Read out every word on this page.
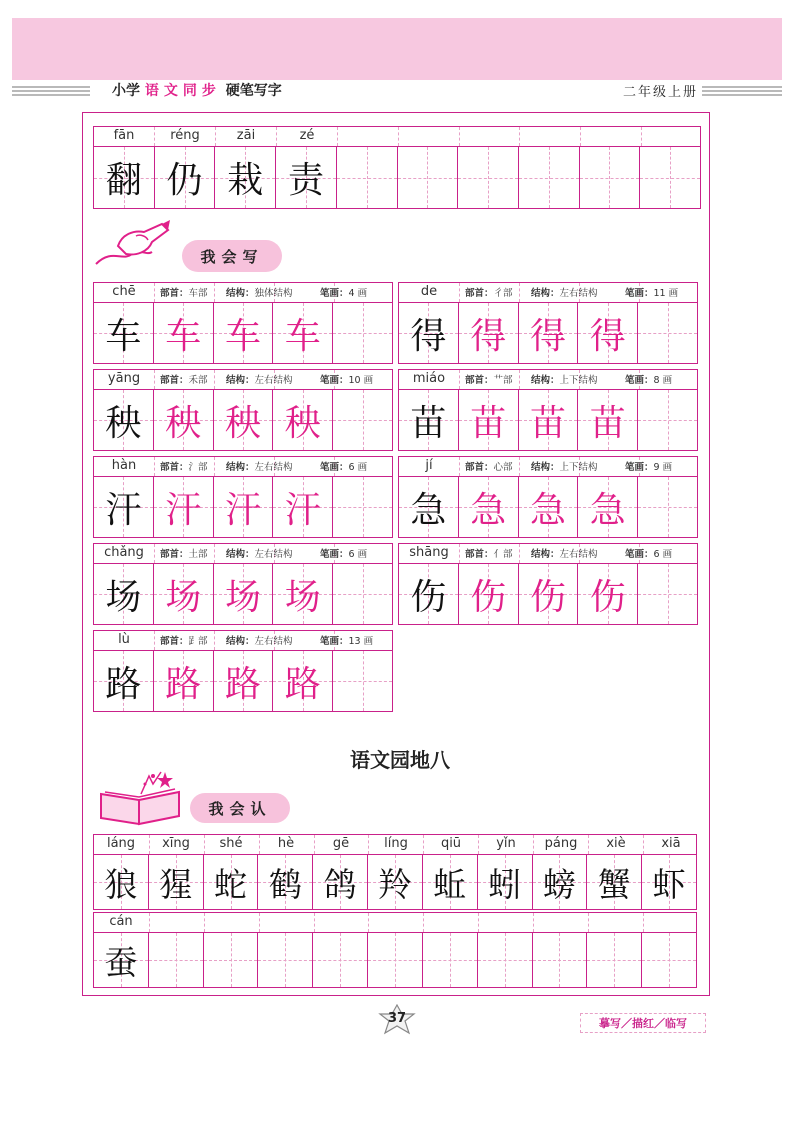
小学 语文同步 硬笔写字	二年级上册
fān	réng	zāi	zé
翻 仍 栽 责
我会写
chē	部首：车部 结构：独体结构	笔画：4 画
车 车 车 车
de	部首：彳部 结构：左右结构	笔画：11 画
得 得 得 得
yāng	部首：禾部 结构：左右结构	笔画：10 画
秧 秧 秧 秧
miáo	部首：艹部 结构：上下结构	笔画：8 画
苗 苗 苗 苗
hàn	部首：氵部 结构：左右结构	笔画：6 画
汗 汗 汗 汗
jí	部首：心部 结构：上下结构	笔画：9 画
急 急 急 急
chǎng	部首：土部 结构：左右结构	笔画：6 画
场 场 场 场
shāng	部首：亻部 结构：左右结构	笔画：6 画
伤 伤 伤 伤
lù	部首：𧾷部 结构：左右结构	笔画：13 画
路 路 路 路
语文园地八
我会认
láng	xīng	shé	hè	gē	líng	qiū	yǐn	páng	xiè	xiā
狼 猩 蛇 鹤 鸽 羚 蚯 蚓 螃 蟹 虾
cán
蚕
37	摹写／描红／临写
